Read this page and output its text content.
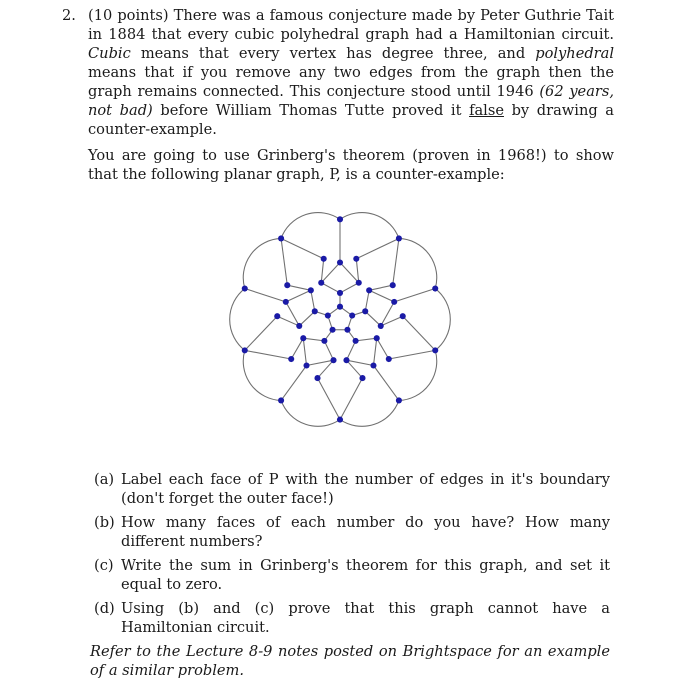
2. (10 points) There was a famous conjecture made by Peter Guthrie Tait in 1884 that every cubic polyhedral graph had a Hamiltonian circuit. Cubic means that every vertex has degree three, and polyhedral means that if you remove any two edges from the graph then the graph remains connected. This conjecture stood until 1946 (62 years, not bad) before William Thomas Tutte proved it false by drawing a counter-example.
You are going to use Grinberg's theorem (proven in 1968!) to show that the following planar graph, P, is a counter-example:
(a) Label each face of P with the number of edges in it's boundary (don't forget the outer face!)
(b) How many faces of each number do you have? How many different numbers?
(c) Write the sum in Grinberg's theorem for this graph, and set it equal to zero.
(d) Using (b) and (c) prove that this graph cannot have a Hamiltonian circuit.
Refer to the Lecture 8-9 notes posted on Brightspace for an example of a similar problem.
